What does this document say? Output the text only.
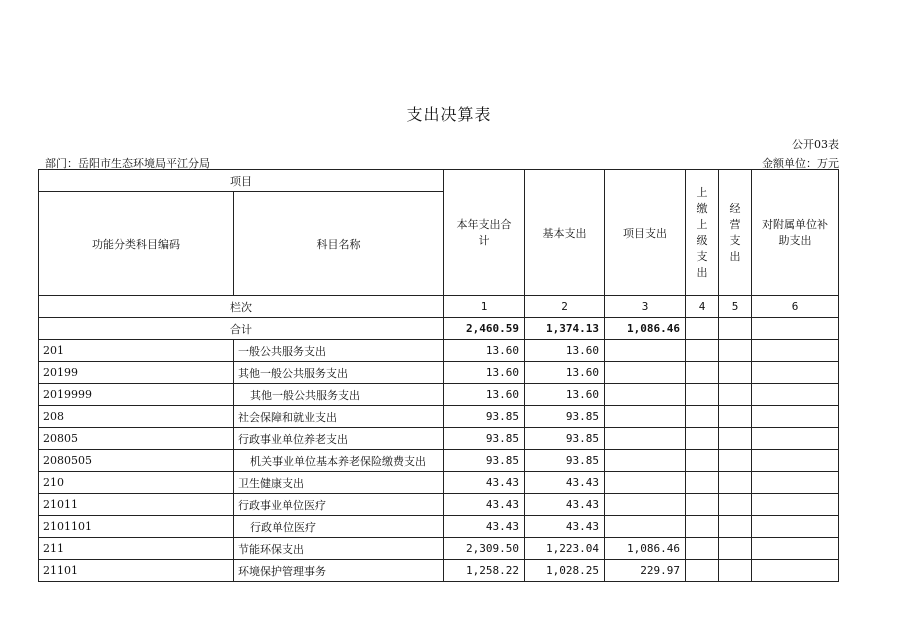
支出决算表
公开03表
部门：岳阳市生态环境局平江分局	金额单位：万元
项目		本年支出合计	基本支出	项目支出	上缴上级支出	经营支出	对附属单位补助支出

功能分类科目编码	科目名称						
栏次		1	2	3	4	5	6
合计		2,460.59	1,374.13	1,086.46			
201	一般公共服务支出	13.60	13.60				
20199	其他一般公共服务支出	13.60	13.60				
2019999	其他一般公共服务支出	13.60	13.60				
208	社会保障和就业支出	93.85	93.85				
20805	行政事业单位养老支出	93.85	93.85				
2080505	机关事业单位基本养老保险缴费支出	93.85	93.85				
210	卫生健康支出	43.43	43.43				
21011	行政事业单位医疗	43.43	43.43				
2101101	行政单位医疗	43.43	43.43				
211	节能环保支出	2,309.50	1,223.04	1,086.46			
21101	环境保护管理事务	1,258.22	1,028.25	229.97			
